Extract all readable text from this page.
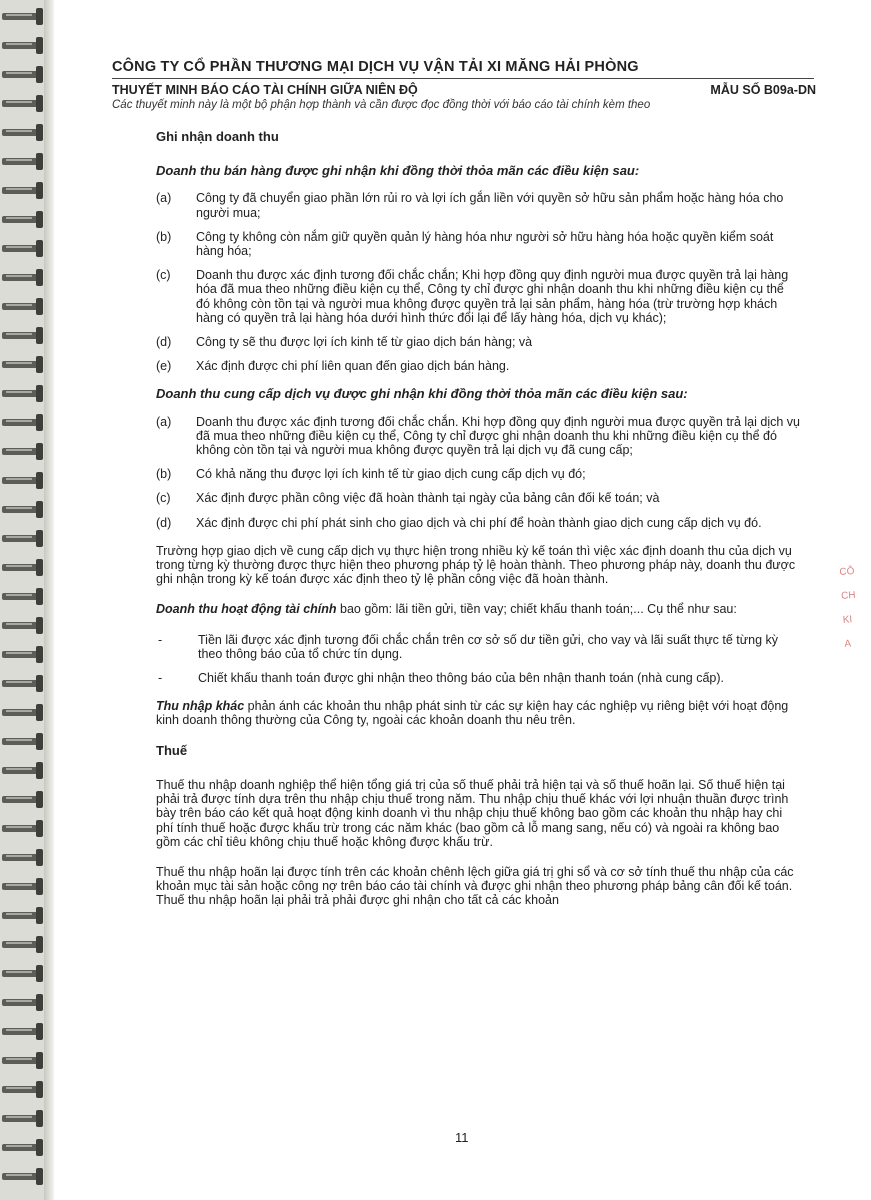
CÔNG TY CỔ PHẦN THƯƠNG MẠI DỊCH VỤ VẬN TẢI XI MĂNG HẢI PHÒNG
THUYẾT MINH BÁO CÁO TÀI CHÍNH GIỮA NIÊN ĐỘ	MẪU SỐ B09a-DN
Các thuyết minh này là một bộ phận hợp thành và cần được đọc đồng thời với báo cáo tài chính kèm theo
Ghi nhận doanh thu
Doanh thu bán hàng được ghi nhận khi đồng thời thỏa mãn các điều kiện sau:
(a)	Công ty đã chuyển giao phần lớn rủi ro và lợi ích gắn liền với quyền sở hữu sản phẩm hoặc hàng hóa cho người mua;
(b)	Công ty không còn nắm giữ quyền quản lý hàng hóa như người sở hữu hàng hóa hoặc quyền kiểm soát hàng hóa;
(c)	Doanh thu được xác định tương đối chắc chắn; Khi hợp đồng quy định người mua được quyền trả lại hàng hóa đã mua theo những điều kiện cụ thể, Công ty chỉ được ghi nhận doanh thu khi những điều kiện cụ thể đó không còn tồn tại và người mua không được quyền trả lại sản phẩm, hàng hóa (trừ trường hợp khách hàng có quyền trả lại hàng hóa dưới hình thức đổi lại để lấy hàng hóa, dịch vụ khác);
(d)	Công ty sẽ thu được lợi ích kinh tế từ giao dịch bán hàng; và
(e)	Xác định được chi phí liên quan đến giao dịch bán hàng.
Doanh thu cung cấp dịch vụ được ghi nhận khi đồng thời thỏa mãn các điều kiện sau:
(a)	Doanh thu được xác định tương đối chắc chắn. Khi hợp đồng quy định người mua được quyền trả lại dịch vụ đã mua theo những điều kiện cụ thể, Công ty chỉ được ghi nhận doanh thu khi những điều kiện cụ thể đó không còn tồn tại và người mua không được quyền trả lại dịch vụ đã cung cấp;
(b)	Có khả năng thu được lợi ích kinh tế từ giao dịch cung cấp dịch vụ đó;
(c)	Xác định được phần công việc đã hoàn thành tại ngày của bảng cân đối kế toán; và
(d)	Xác định được chi phí phát sinh cho giao dịch và chi phí để hoàn thành giao dịch cung cấp dịch vụ đó.
Trường hợp giao dịch về cung cấp dịch vụ thực hiện trong nhiều kỳ kế toán thì việc xác định doanh thu của dịch vụ trong từng kỳ thường được thực hiện theo phương pháp tỷ lệ hoàn thành. Theo phương pháp này, doanh thu được ghi nhận trong kỳ kế toán được xác định theo tỷ lệ phần công việc đã hoàn thành.
Doanh thu hoạt động tài chính bao gồm: lãi tiền gửi, tiền vay; chiết khấu thanh toán;... Cụ thể như sau:
-	Tiền lãi được xác định tương đối chắc chắn trên cơ sở số dư tiền gửi, cho vay và lãi suất thực tế từng kỳ theo thông báo của tổ chức tín dụng.
-	Chiết khấu thanh toán được ghi nhận theo thông báo của bên nhận thanh toán (nhà cung cấp).
Thu nhập khác phản ánh các khoản thu nhập phát sinh từ các sự kiện hay các nghiệp vụ riêng biệt với hoạt động kinh doanh thông thường của Công ty, ngoài các khoản doanh thu nêu trên.
Thuế
Thuế thu nhập doanh nghiệp thể hiện tổng giá trị của số thuế phải trả hiện tại và số thuế hoãn lại. Số thuế hiện tại phải trả được tính dựa trên thu nhập chịu thuế trong năm. Thu nhập chịu thuế khác với lợi nhuận thuần được trình bày trên báo cáo kết quả hoạt động kinh doanh vì thu nhập chịu thuế không bao gồm các khoản thu nhập hay chi phí tính thuế hoặc được khấu trừ trong các năm khác (bao gồm cả lỗ mang sang, nếu có) và ngoài ra không bao gồm các chỉ tiêu không chịu thuế hoặc không được khấu trừ.
Thuế thu nhập hoãn lại được tính trên các khoản chênh lệch giữa giá trị ghi sổ và cơ sở tính thuế thu nhập của các khoản mục tài sản hoặc công nợ trên báo cáo tài chính và được ghi nhận theo phương pháp bảng cân đối kế toán. Thuế thu nhập hoãn lại phải trả phải được ghi nhận cho tất cả các khoản
11
CÔ
CH
KI
A
